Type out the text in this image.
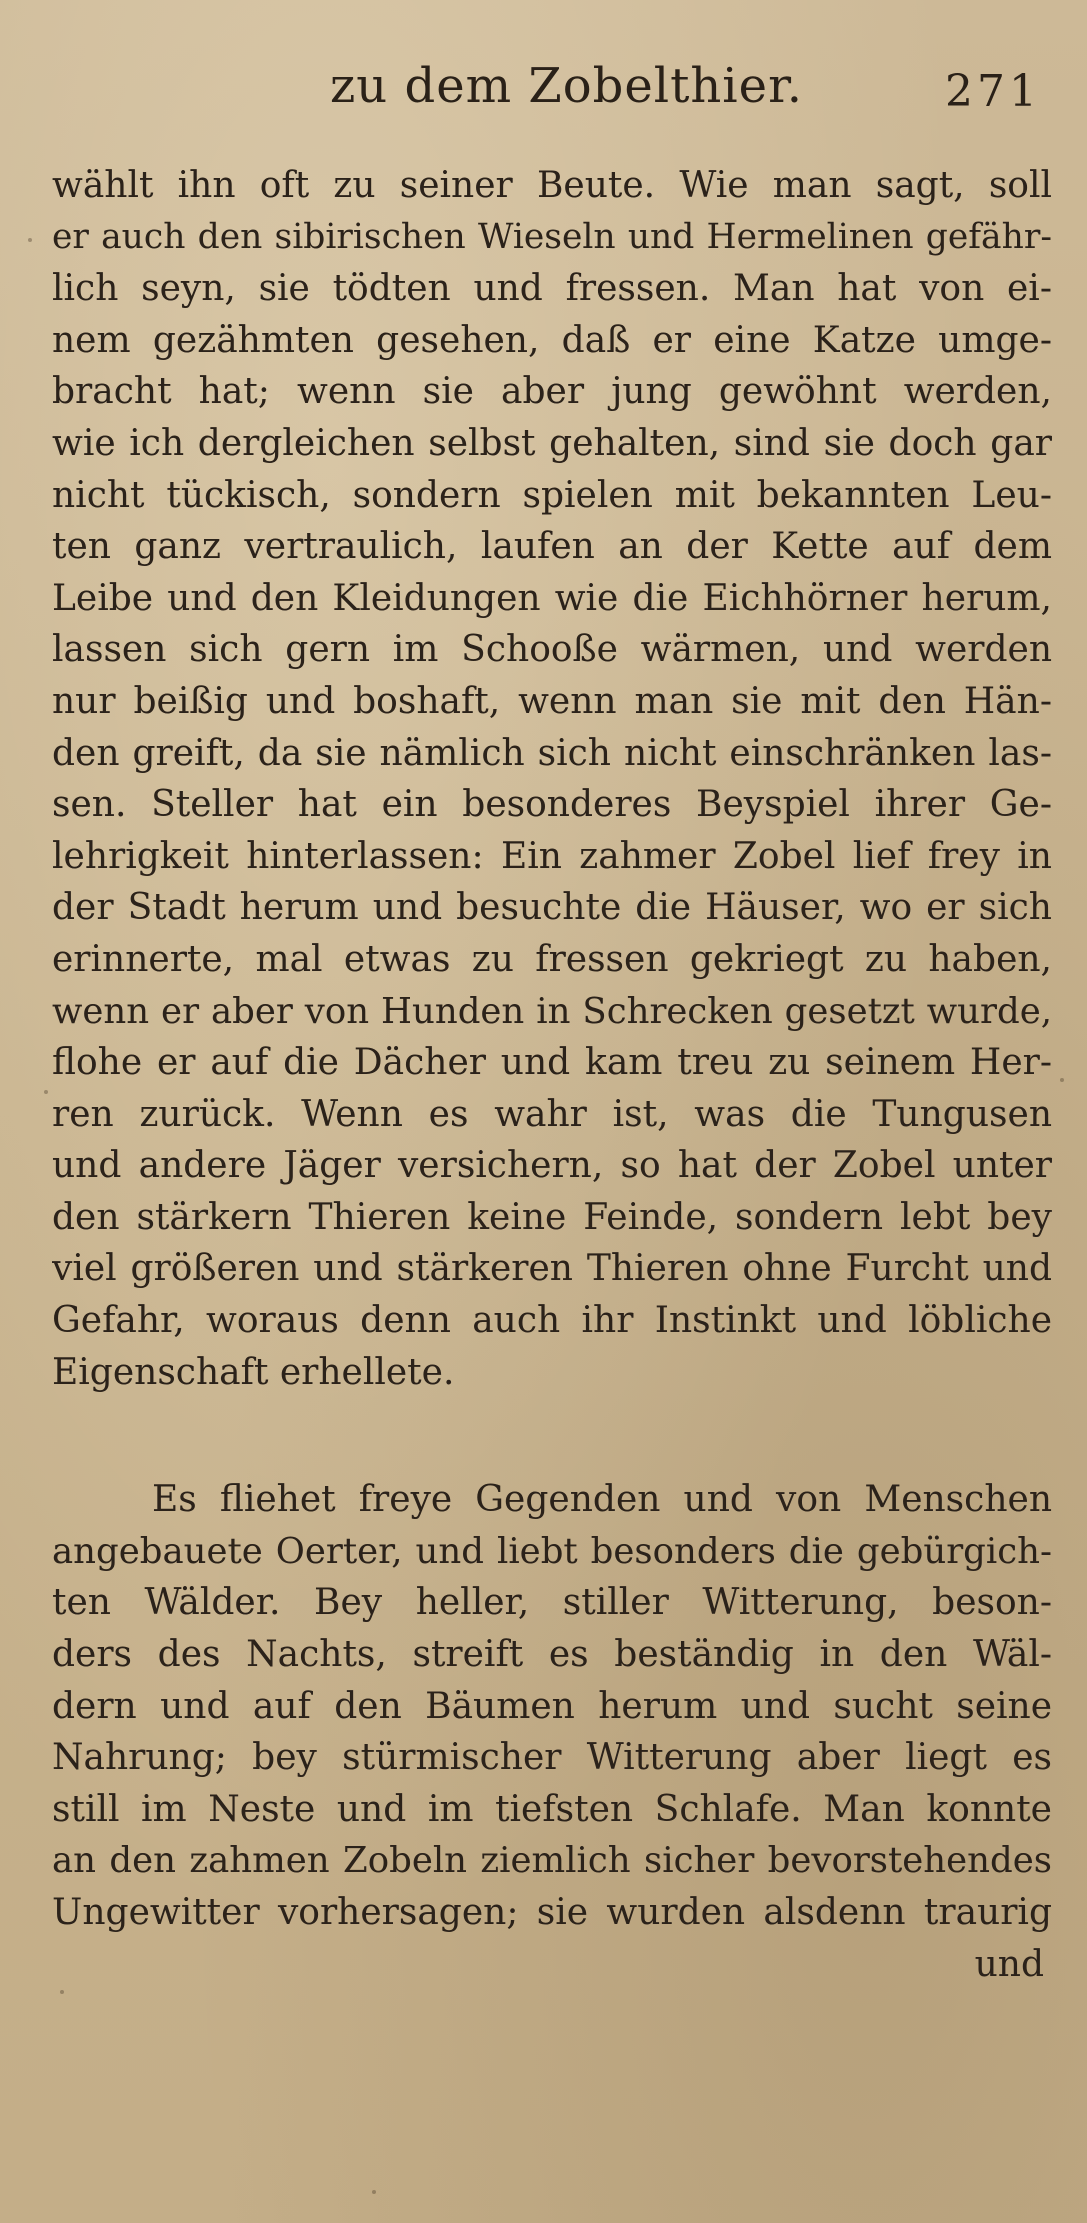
zu dem Zobelthier.	271
wählt ihn oft zu seiner Beute. Wie man sagt, soll
er auch den sibirischen Wieseln und Hermelinen gefähr-
lich seyn, sie tödten und fressen. Man hat von ei-
nem gezähmten gesehen, daß er eine Katze umge-
bracht hat; wenn sie aber jung gewöhnt werden,
wie ich dergleichen selbst gehalten, sind sie doch gar
nicht tückisch, sondern spielen mit bekannten Leu-
ten ganz vertraulich, laufen an der Kette auf dem
Leibe und den Kleidungen wie die Eichhörner herum,
lassen sich gern im Schooße wärmen, und werden
nur beißig und boshaft, wenn man sie mit den Hän-
den greift, da sie nämlich sich nicht einschränken las-
sen. Steller hat ein besonderes Beyspiel ihrer Ge-
lehrigkeit hinterlassen: Ein zahmer Zobel lief frey in
der Stadt herum und besuchte die Häuser, wo er sich
erinnerte, mal etwas zu fressen gekriegt zu haben,
wenn er aber von Hunden in Schrecken gesetzt wurde,
flohe er auf die Dächer und kam treu zu seinem Her-
ren zurück. Wenn es wahr ist, was die Tungusen
und andere Jäger versichern, so hat der Zobel unter
den stärkern Thieren keine Feinde, sondern lebt bey
viel größeren und stärkeren Thieren ohne Furcht und
Gefahr, woraus denn auch ihr Instinkt und löbliche
Eigenschaft erhellete.
Es fliehet freye Gegenden und von Menschen
angebauete Oerter, und liebt besonders die gebürgich-
ten Wälder. Bey heller, stiller Witterung, beson-
ders des Nachts, streift es beständig in den Wäl-
dern und auf den Bäumen herum und sucht seine
Nahrung; bey stürmischer Witterung aber liegt es
still im Neste und im tiefsten Schlafe. Man konnte
an den zahmen Zobeln ziemlich sicher bevorstehendes
Ungewitter vorhersagen; sie wurden alsdenn traurig
und
